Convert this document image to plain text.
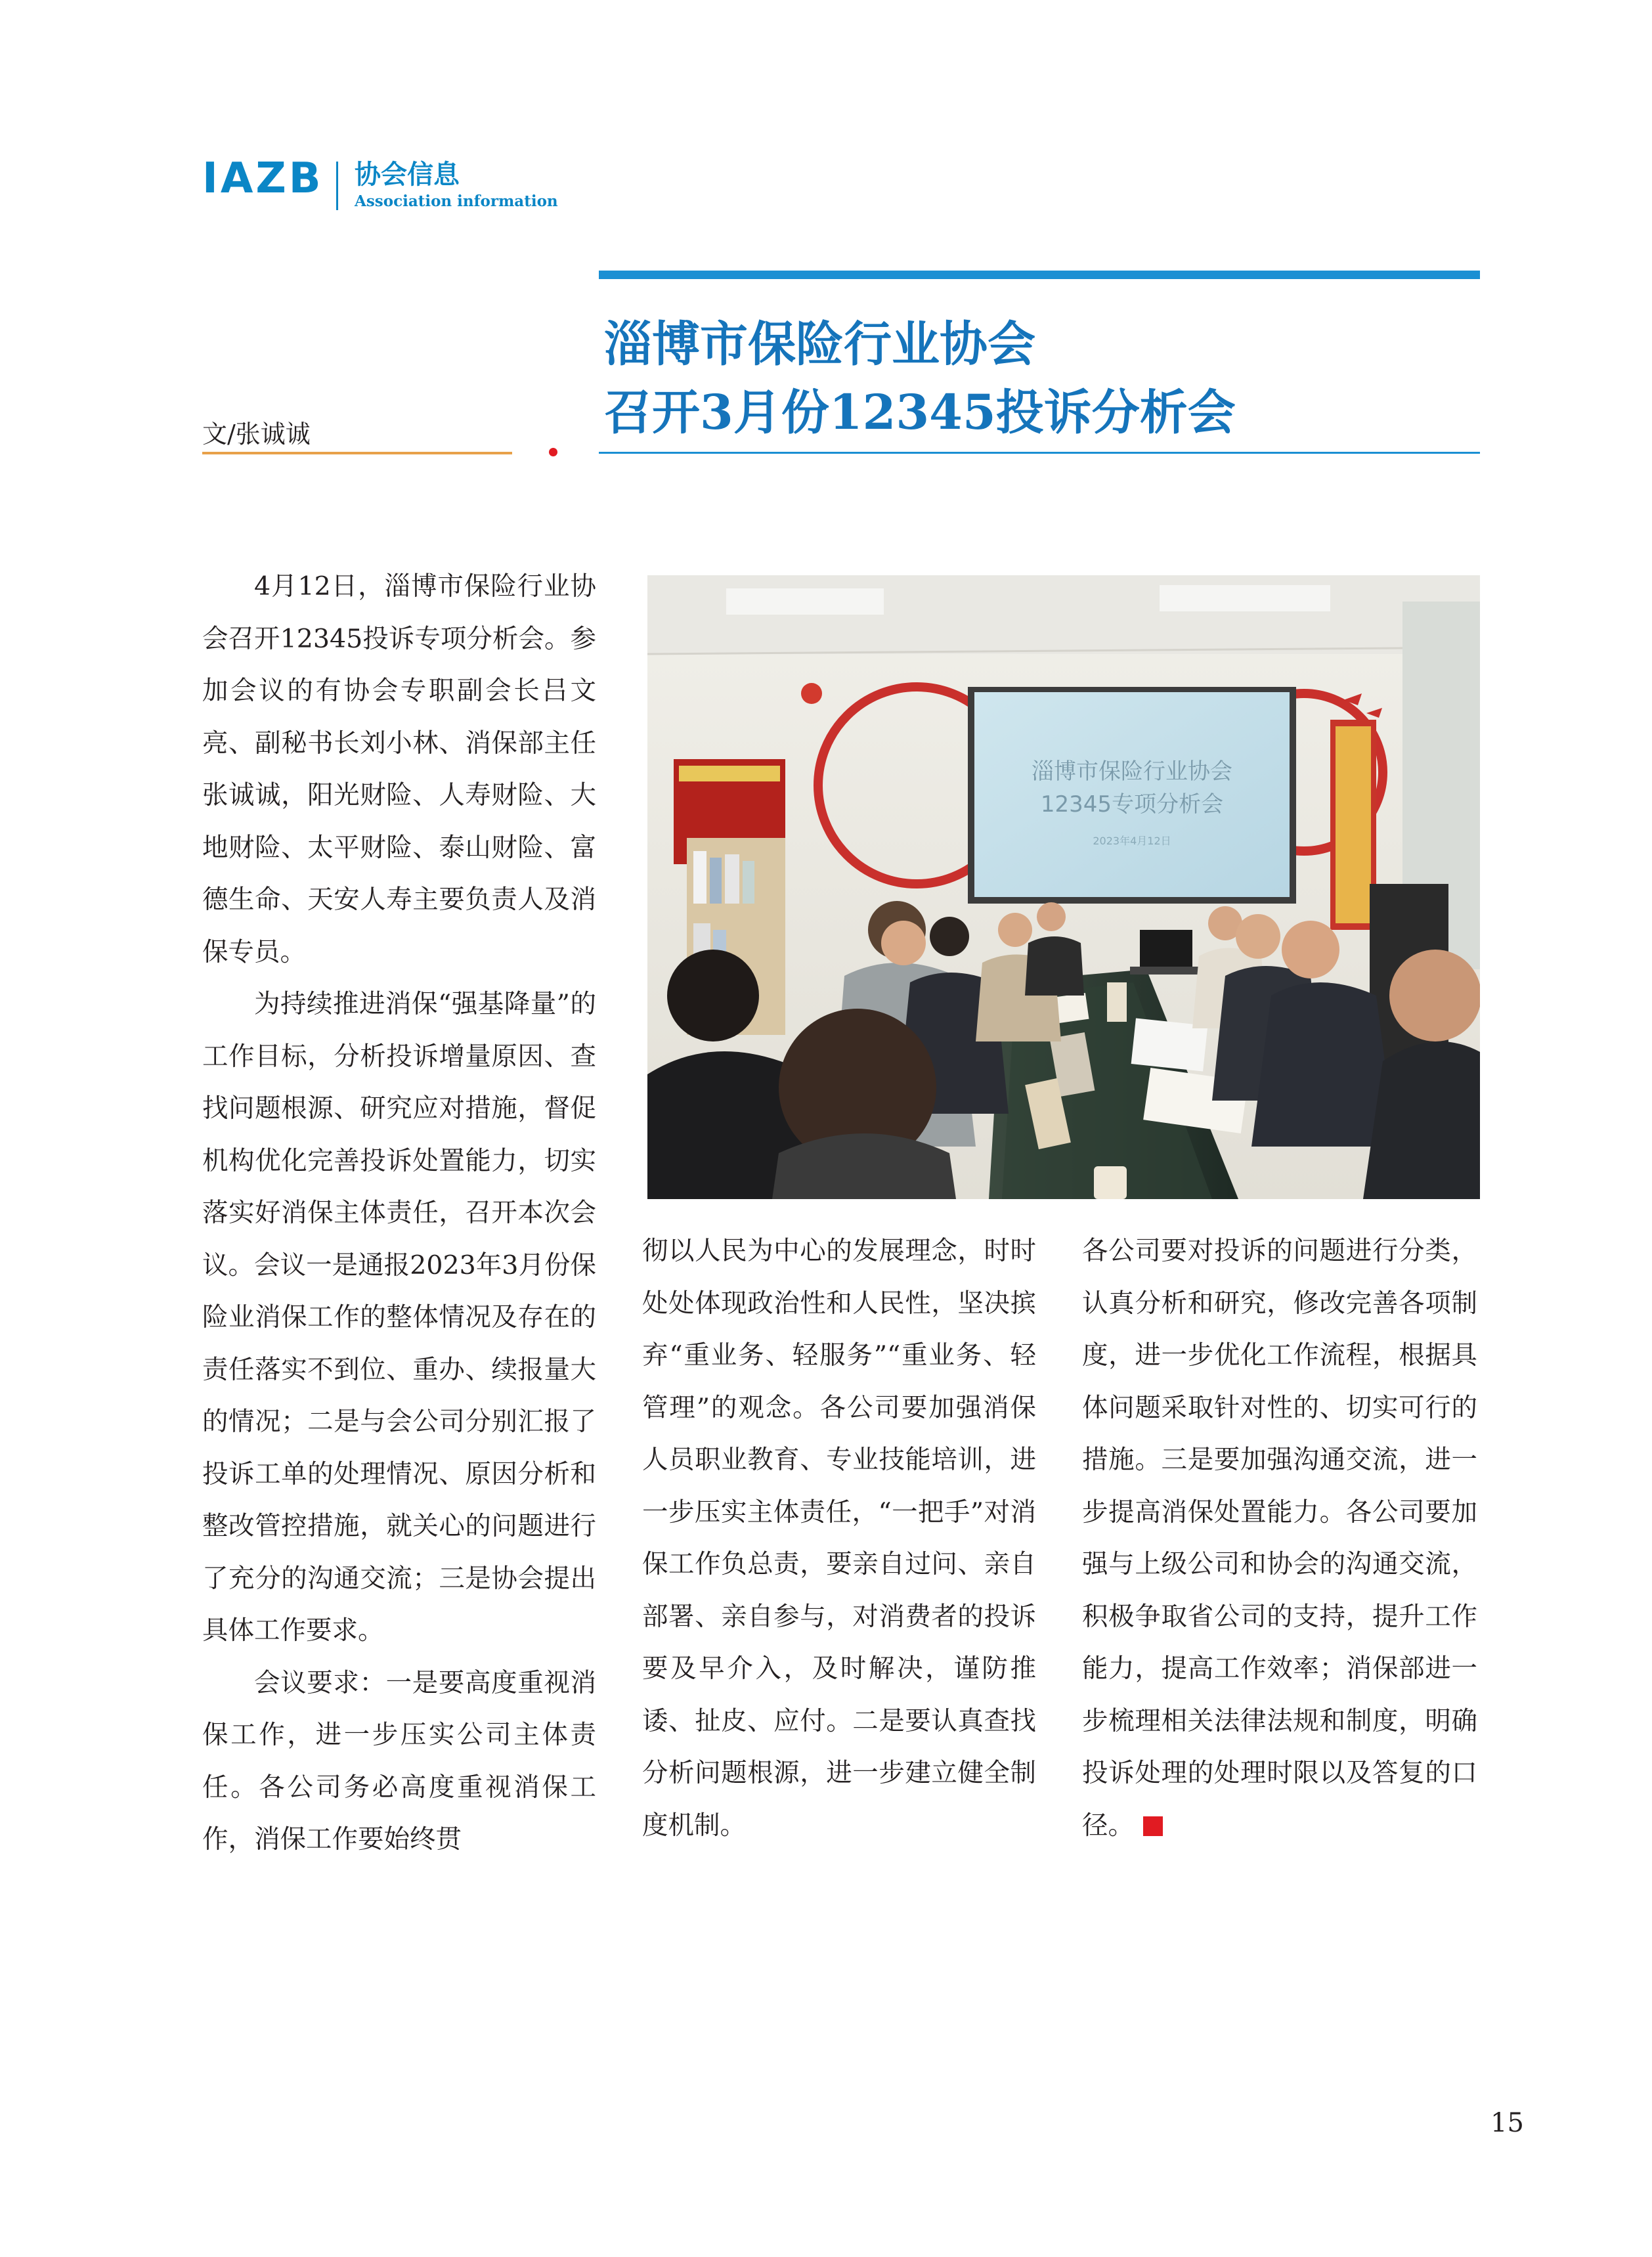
IAZB 协会信息
Association information
淄博市保险行业协会
召开3月份12345投诉分析会
文/张诚诚

4月12日，淄博市保险行业协会召开12345投诉专项分析会。参加会议的有协会专职副会长吕文亮、副秘书长刘小林、消保部主任张诚诚，阳光财险、人寿财险、大地财险、太平财险、泰山财险、富德生命、天安人寿主要负责人及消保专员。

为持续推进消保“强基降量”的工作目标，分析投诉增量原因、查找问题根源、研究应对措施，督促机构优化完善投诉处置能力，切实落实好消保主体责任，召开本次会议。会议一是通报2023年3月份保险业消保工作的整体情况及存在的责任落实不到位、重办、续报量大的情况；二是与会公司分别汇报了投诉工单的处理情况、原因分析和整改管控措施，就关心的问题进行了充分的沟通交流；三是协会提出具体工作要求。

会议要求：一是要高度重视消保工作，进一步压实公司主体责任。各公司务必高度重视消保工作，消保工作要始终贯

淄博市保险行业协会
12345专项分析会
2023年4月12日

彻以人民为中心的发展理念，时时处处体现政治性和人民性，坚决摈弃“重业务、轻服务”“重业务、轻管理”的观念。各公司要加强消保人员职业教育、专业技能培训，进一步压实主体责任，“一把手”对消保工作负总责，要亲自过问、亲自部署、亲自参与，对消费者的投诉要及早介入，及时解决，谨防推诿、扯皮、应付。二是要认真查找分析问题根源，进一步建立健全制度机制。

各公司要对投诉的问题进行分类，认真分析和研究，修改完善各项制度，进一步优化工作流程，根据具体问题采取针对性的、切实可行的措施。三是要加强沟通交流，进一步提高消保处置能力。各公司要加强与上级公司和协会的沟通交流，积极争取省公司的支持，提升工作能力，提高工作效率；消保部进一步梳理相关法律法规和制度，明确投诉处理的处理时限以及答复的口径。

15
